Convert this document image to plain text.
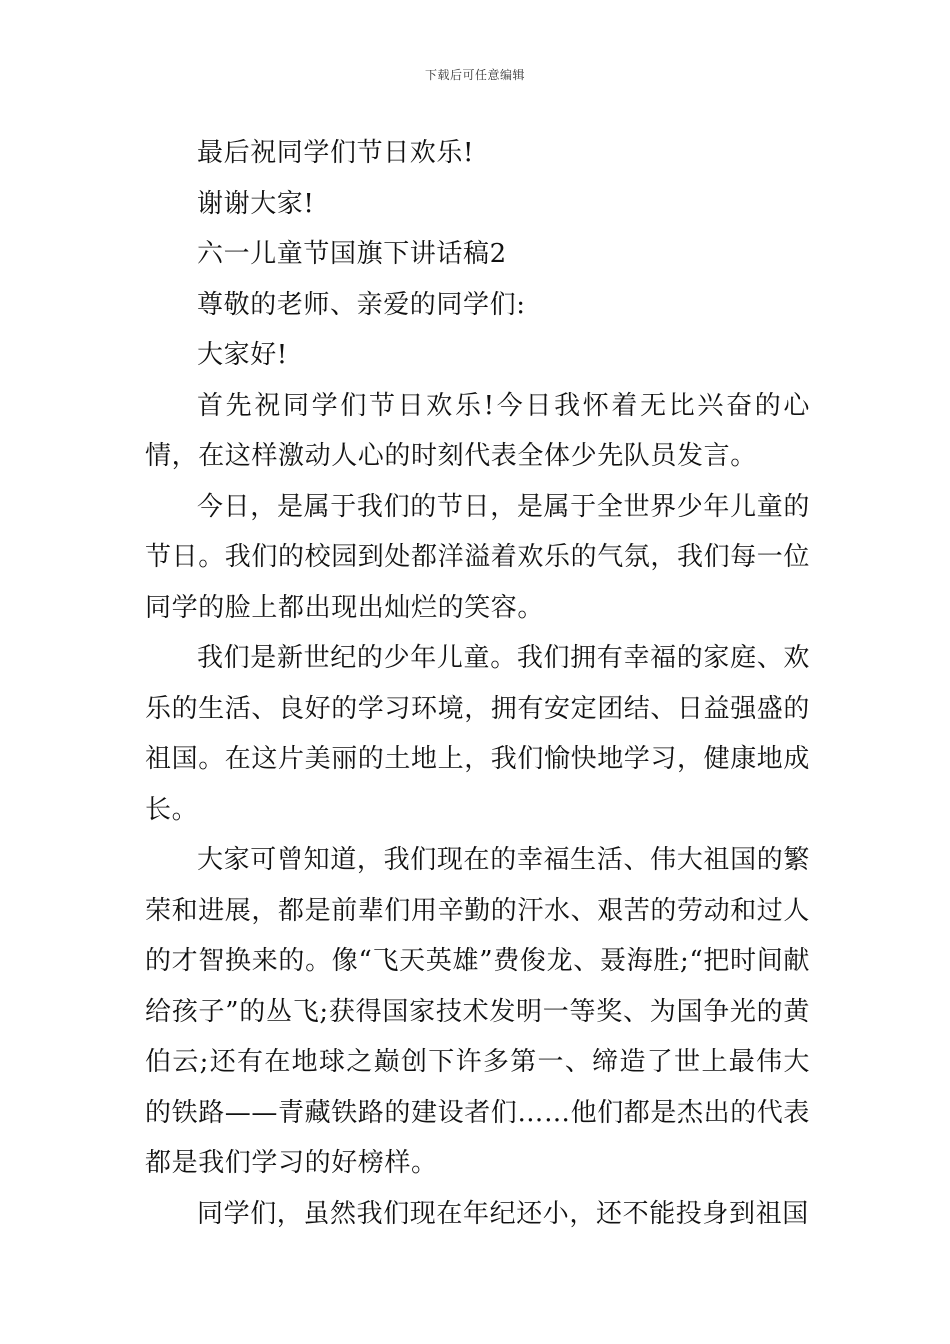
下载后可任意编辑

最后祝同学们节日欢乐!

谢谢大家!

六一儿童节国旗下讲话稿2

尊敬的老师、亲爱的同学们:

大家好!

首先祝同学们节日欢乐!今日我怀着无比兴奋的心情，在这样激动人心的时刻代表全体少先队员发言。

今日，是属于我们的节日，是属于全世界少年儿童的节日。我们的校园到处都洋溢着欢乐的气氛，我们每一位同学的脸上都出现出灿烂的笑容。

我们是新世纪的少年儿童。我们拥有幸福的家庭、欢乐的生活、良好的学习环境，拥有安定团结、日益强盛的祖国。在这片美丽的土地上，我们愉快地学习，健康地成长。

大家可曾知道，我们现在的幸福生活、伟大祖国的繁荣和进展，都是前辈们用辛勤的汗水、艰苦的劳动和过人的才智换来的。像“飞天英雄”费俊龙、聂海胜;“把时间献给孩子”的丛飞;获得国家技术发明一等奖、为国争光的黄伯云;还有在地球之巅创下许多第一、缔造了世上最伟大的铁路——青藏铁路的建设者们……他们都是杰出的代表都是我们学习的好榜样。

同学们，虽然我们现在年纪还小，还不能投身到祖国
